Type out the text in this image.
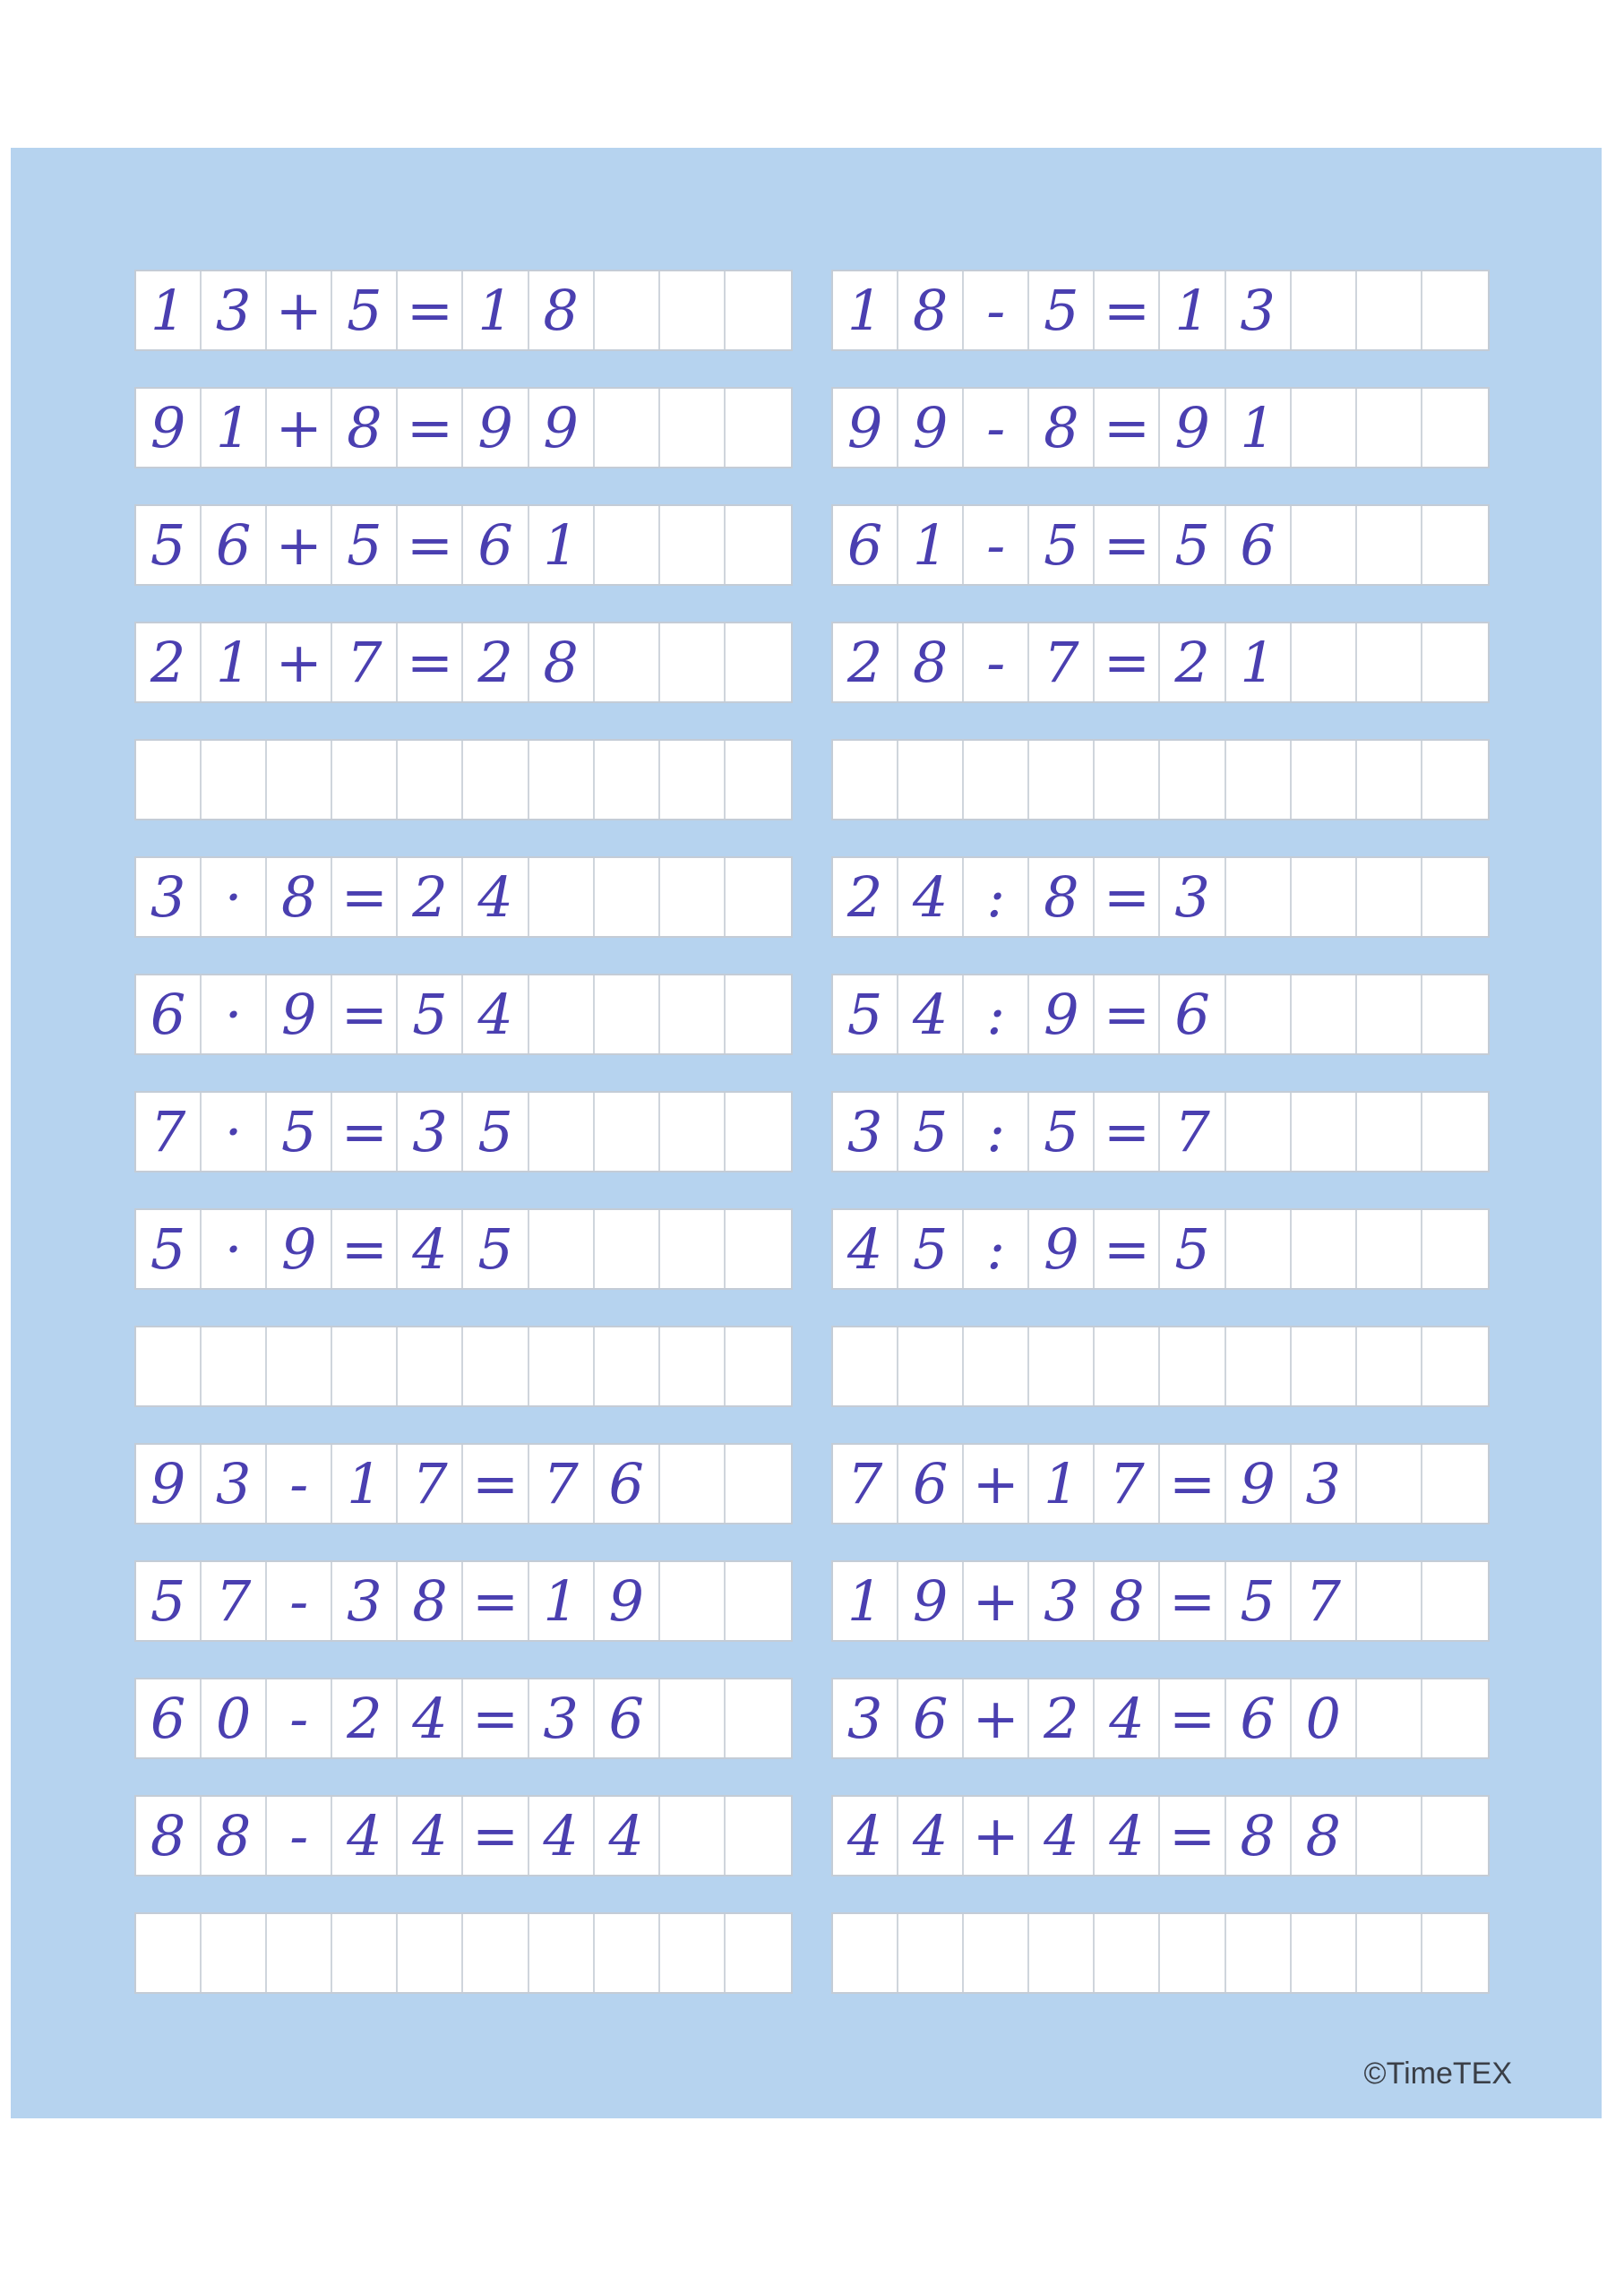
1 3 + 5 = 1 8
9 1 + 8 = 9 9
5 6 + 5 = 6 1
2 1 + 7 = 2 8
3 · 8 = 2 4
6 · 9 = 5 4
7 · 5 = 3 5
5 · 9 = 4 5
9 3 - 1 7 = 7 6
5 7 - 3 8 = 1 9
6 0 - 2 4 = 3 6
8 8 - 4 4 = 4 4
1 8 - 5 = 1 3
9 9 - 8 = 9 1
6 1 - 5 = 5 6
2 8 - 7 = 2 1
2 4 : 8 = 3
5 4 : 9 = 6
3 5 : 5 = 7
4 5 : 9 = 5
7 6 + 1 7 = 9 3
1 9 + 3 8 = 5 7
3 6 + 2 4 = 6 0
4 4 + 4 4 = 8 8
©TimeTEX
